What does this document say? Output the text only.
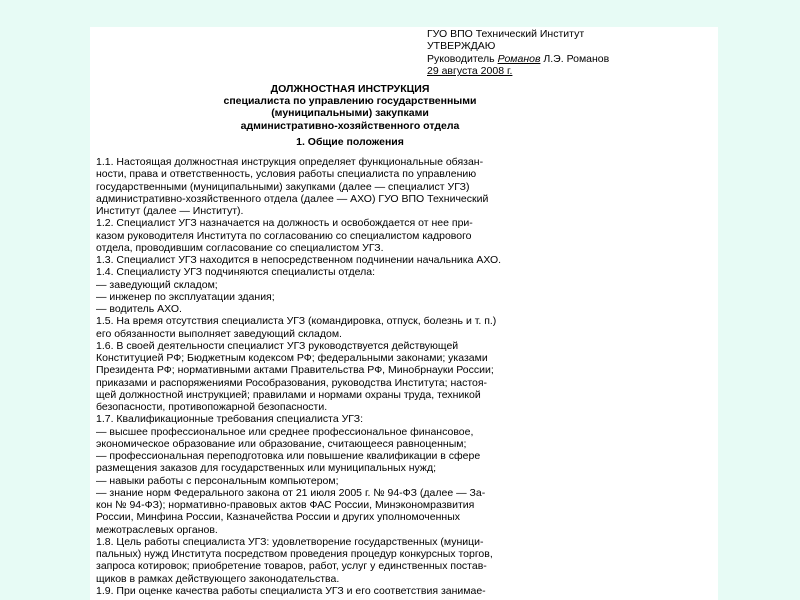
ГУО ВПО Технический Институт
УТВЕРЖДАЮ
Руководитель Романов Л.Э. Романов
29 августа 2008 г.
ДОЛЖНОСТНАЯ ИНСТРУКЦИЯ
специалиста по управлению государственными
(муниципальными) закупками
административно-хозяйственного отдела
1. Общие положения
1.1. Настоящая должностная инструкция определяет функциональные обязан-
ности, права и ответственность, условия работы специалиста по управлению
государственными (муниципальными) закупками (далее — специалист УГЗ)
административно-хозяйственного отдела (далее — АХО) ГУО ВПО Технический
Институт (далее — Институт).
1.2. Специалист УГЗ назначается на должность и освобождается от нее при-
казом руководителя Института по согласованию со специалистом кадрового
отдела, проводившим согласование со специалистом УГЗ.
1.3. Специалист УГЗ находится в непосредственном подчинении начальника АХО.
1.4. Специалисту УГЗ подчиняются специалисты отдела:
— заведующий складом;
— инженер по эксплуатации здания;
— водитель АХО.
1.5. На время отсутствия специалиста УГЗ (командировка, отпуск, болезнь и т. п.)
его обязанности выполняет заведующий складом.
1.6. В своей деятельности специалист УГЗ руководствуется действующей
Конституцией РФ; Бюджетным кодексом РФ; федеральными законами; указами
Президента РФ; нормативными актами Правительства РФ, Минобрнауки России;
приказами и распоряжениями Рособразования, руководства Института; настоя-
щей должностной инструкцией; правилами и нормами охраны труда, техникой
безопасности, противопожарной безопасности.
1.7. Квалификационные требования специалиста УГЗ:
— высшее профессиональное или среднее профессиональное финансовое,
экономическое образование или образование, считающееся равноценным;
— профессиональная переподготовка или повышение квалификации в сфере
размещения заказов для государственных или муниципальных нужд;
— навыки работы с персональным компьютером;
— знание норм Федерального закона от 21 июля 2005 г. № 94-ФЗ (далее — За-
кон № 94-ФЗ); нормативно-правовых актов ФАС России, Минэкономразвития
России, Минфина России, Казначейства России и других уполномоченных
межотраслевых органов.
1.8. Цель работы специалиста УГЗ: удовлетворение государственных (муници-
пальных) нужд Института посредством проведения процедур конкурсных торгов,
запроса котировок; приобретение товаров, работ, услуг у единственных постав-
щиков в рамках действующего законодательства.
1.9. При оценке качества работы специалиста УГЗ и его соответствия занимае-
